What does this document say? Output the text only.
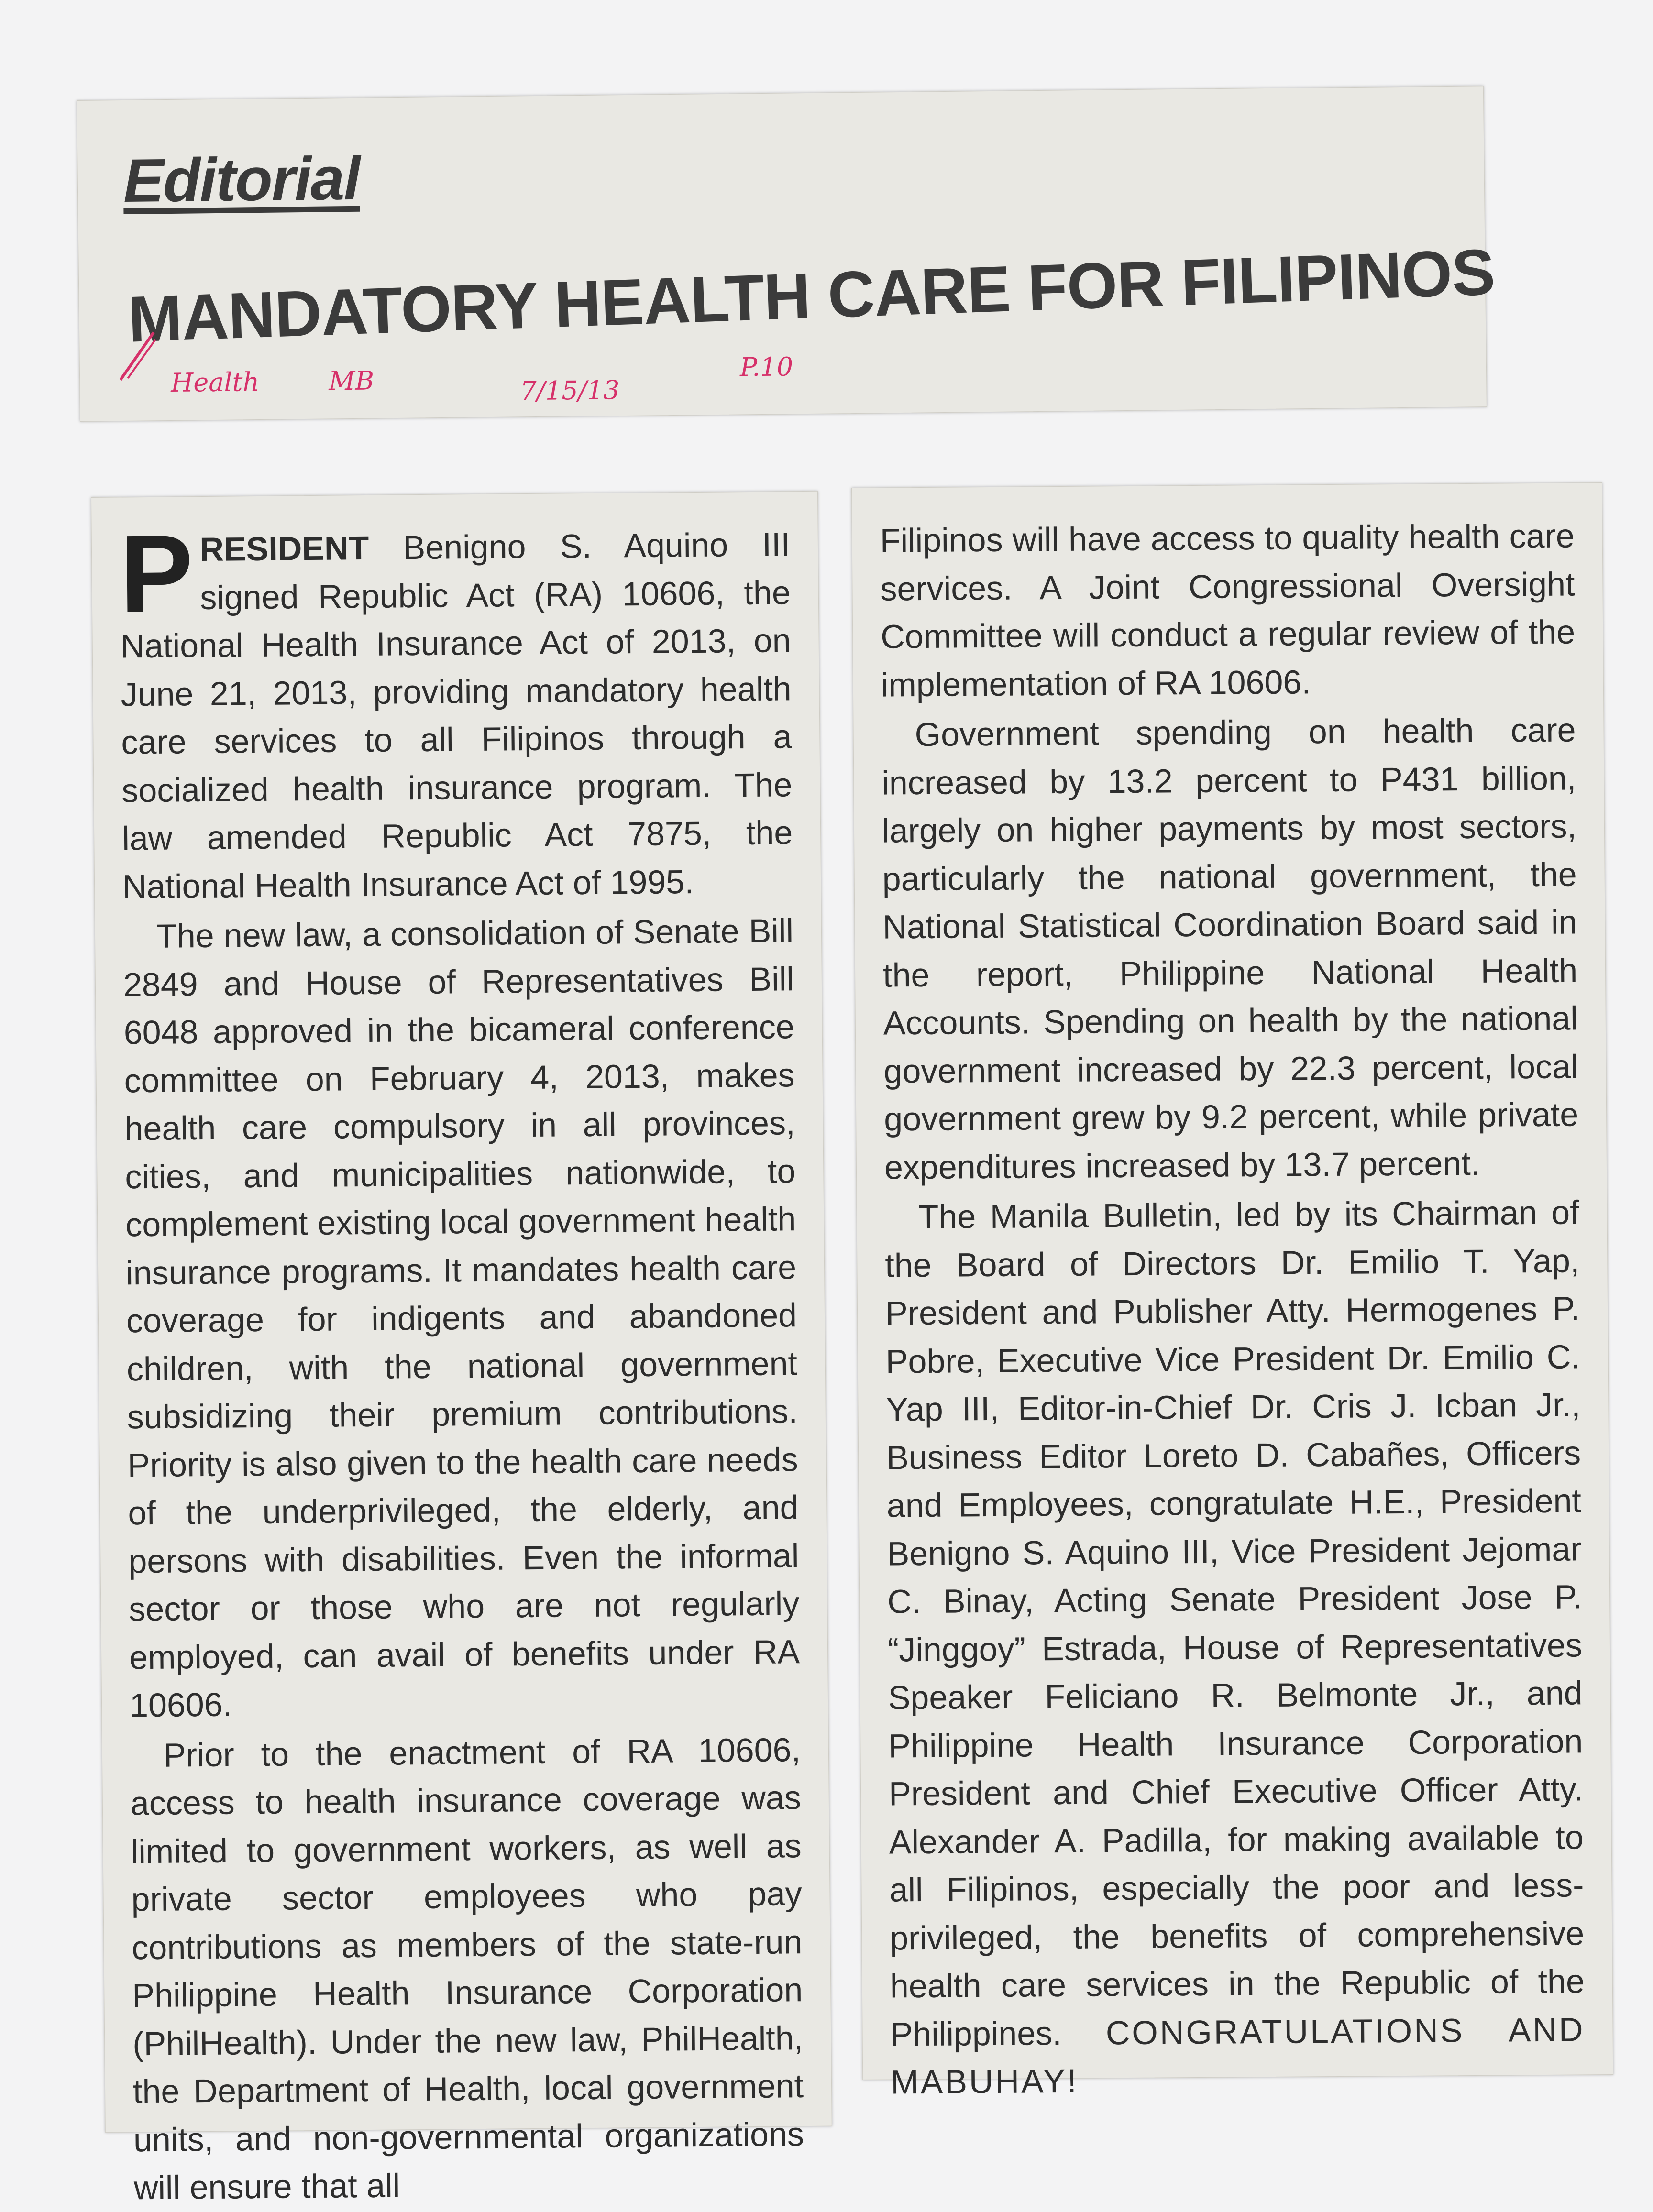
Editorial
MANDATORY HEALTH CARE FOR FILIPINOS
Health	MB	7/15/13
P.10

PRESIDENT Benigno S. Aquino III signed Republic Act (RA) 10606, the National Health Insurance Act of 2013, on June 21, 2013, providing mandatory health care services to all Filipinos through a socialized health insurance program. The law amended Republic Act 7875, the National Health Insurance Act of 1995.

The new law, a consolidation of Senate Bill 2849 and House of Representatives Bill 6048 approved in the bicameral conference committee on February 4, 2013, makes health care compulsory in all provinces, cities, and municipalities nationwide, to complement existing local government health insurance programs. It mandates health care coverage for indigents and abandoned children, with the national government subsidizing their premium contributions. Priority is also given to the health care needs of the underprivileged, the elderly, and persons with disabilities. Even the informal sector or those who are not regularly employed, can avail of benefits under RA 10606.

Prior to the enactment of RA 10606, access to health insurance coverage was limited to government workers, as well as private sector employees who pay contributions as members of the state-run Philippine Health Insurance Corporation (PhilHealth). Under the new law, PhilHealth, the Department of Health, local government units, and non-governmental organizations will ensure that all

Filipinos will have access to quality health care services. A Joint Congressional Oversight Committee will conduct a regular review of the implementation of RA 10606.

Government spending on health care increased by 13.2 percent to P431 billion, largely on higher payments by most sectors, particularly the national government, the National Statistical Coordination Board said in the report, Philippine National Health Accounts. Spending on health by the national government increased by 22.3 percent, local government grew by 9.2 percent, while private expenditures increased by 13.7 percent.

The Manila Bulletin, led by its Chairman of the Board of Directors Dr. Emilio T. Yap, President and Publisher Atty. Hermogenes P. Pobre, Executive Vice President Dr. Emilio C. Yap III, Editor-in-Chief Dr. Cris J. Icban Jr., Business Editor Loreto D. Cabañes, Officers and Employees, congratulate H.E., President Benigno S. Aquino III, Vice President Jejomar C. Binay, Acting Senate President Jose P. “Jinggoy” Estrada, House of Representatives Speaker Feliciano R. Belmonte Jr., and Philippine Health Insurance Corporation President and Chief Executive Officer Atty. Alexander A. Padilla, for making available to all Filipinos, especially the poor and less-privileged, the benefits of comprehensive health care services in the Republic of the Philippines. CONGRATULATIONS AND MABUHAY!
